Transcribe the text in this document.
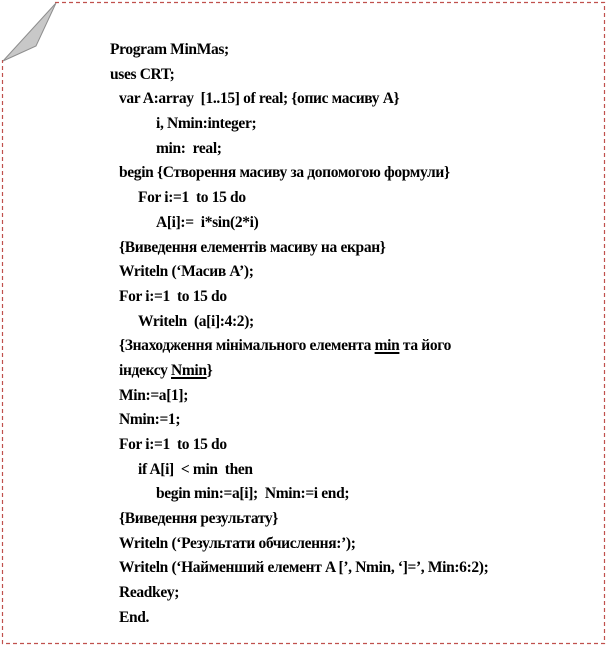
Program MinMas;
uses CRT;
var A:array  [1..15] of real; {опис масиву A}
i, Nmin:integer;
min:  real;
begin {Створення масиву за допомогою формули}
For i:=1  to 15 do
A[i]:=  i*sin(2*i)
{Виведення елементів масиву на екран}
Writeln (‘Масив A’);
For i:=1  to 15 do
Writeln  (a[i]:4:2);
{Знаходження мінімального елемента min та його
індексу Nmin}
Min:=a[1];
Nmin:=1;
For i:=1  to 15 do
if A[i]  < min  then
begin min:=a[i];  Nmin:=i end;
{Виведення результату}
Writeln (‘Результати обчислення:’);
Writeln (‘Найменший елемент A [’, Nmin, ‘]=’, Min:6:2);
Readkey;
End.
